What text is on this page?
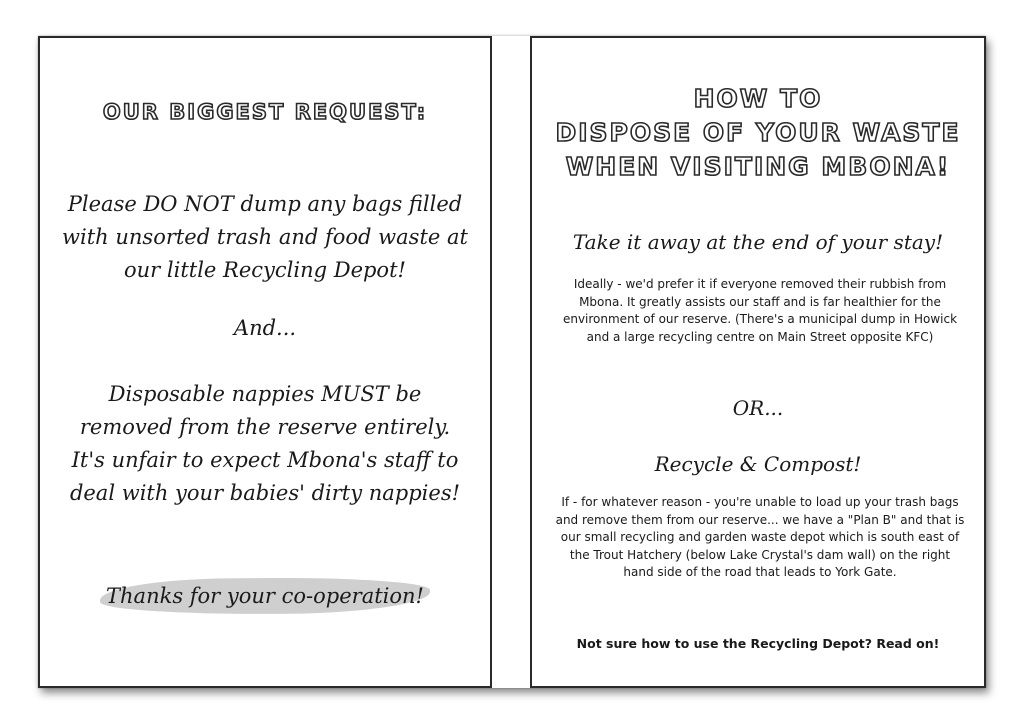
OUR BIGGEST REQUEST:

Please DO NOT dump any bags filled with unsorted trash and food waste at our little Recycling Depot!

And...

Disposable nappies MUST be removed from the reserve entirely. It's unfair to expect Mbona's staff to deal with your babies' dirty nappies!

Thanks for your co-operation!
HOW TO
DISPOSE OF YOUR WASTE
WHEN VISITING MBONA!
Take it away at the end of your stay!

Ideally - we'd prefer it if everyone removed their rubbish from Mbona. It greatly assists our staff and is far healthier for the environment of our reserve. (There's a municipal dump in Howick and a large recycling centre on Main Street opposite KFC)

OR...
Recycle & Compost!

If - for whatever reason - you're unable to load up your trash bags and remove them from our reserve... we have a "Plan B" and that is our small recycling and garden waste depot which is south east of the Trout Hatchery (below Lake Crystal's dam wall) on the right hand side of the road that leads to York Gate.

Not sure how to use the Recycling Depot? Read on!
